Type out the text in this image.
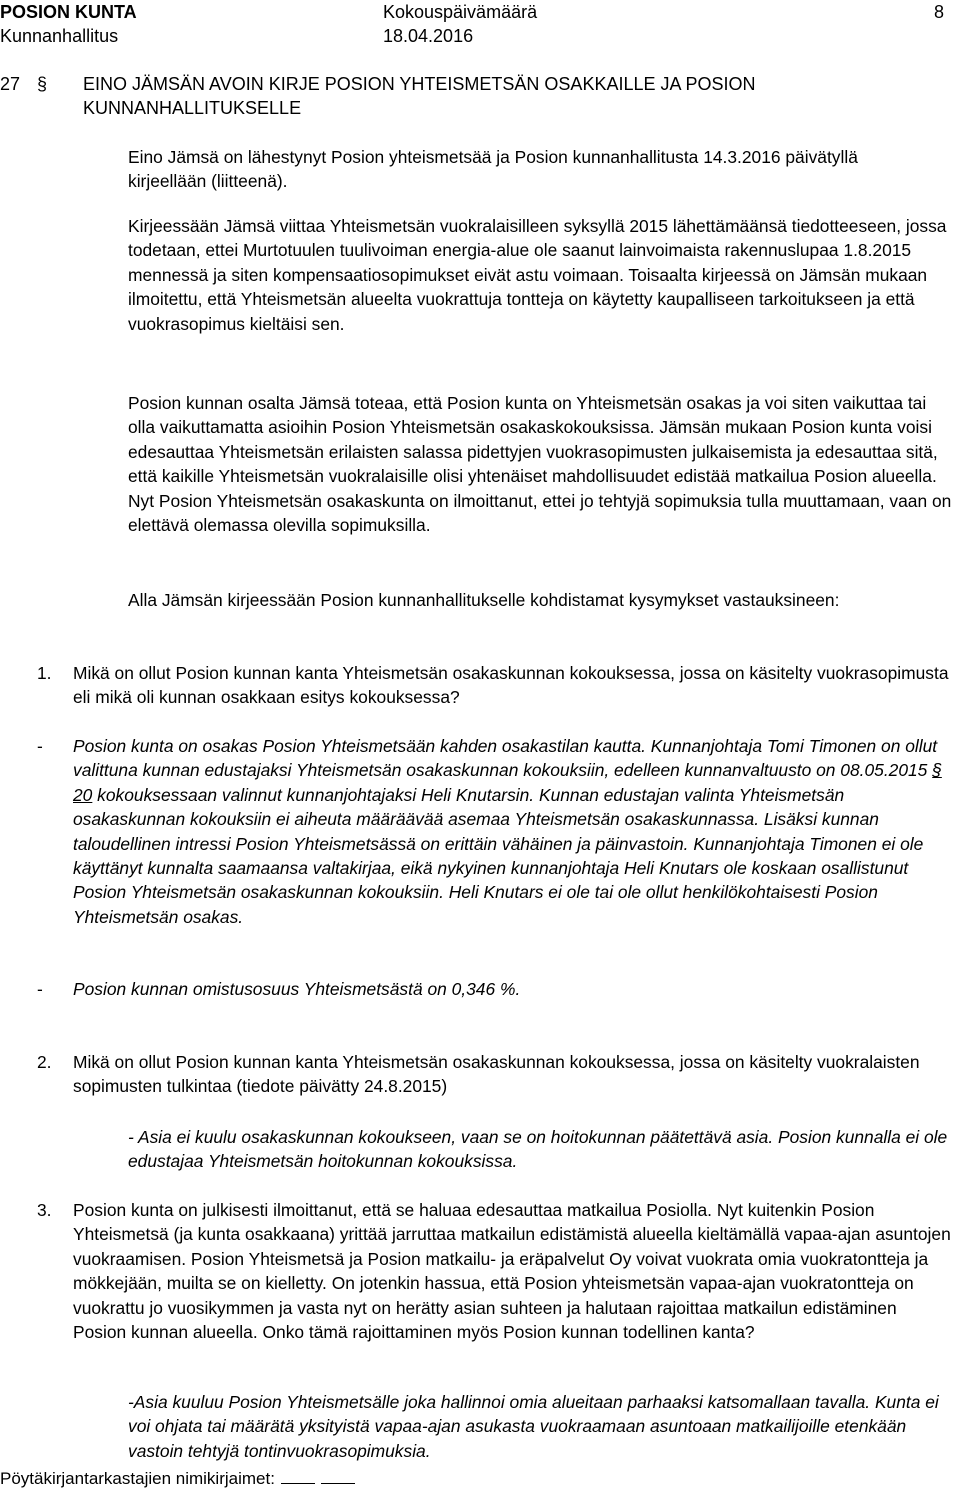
POSION KUNTA
Kunnanhallitus
Kokouspäivämäärä
18.04.2016
8
27 § EINO JÄMSÄN AVOIN KIRJE POSION YHTEISMETSÄN OSAKKAILLE JA POSION
KUNNANHALLITUKSELLE

Eino Jämsä on lähestynyt Posion yhteismetsää ja Posion kunnanhallitusta 14.3.2016 päivätyllä kirjeellään (liitteenä).

Kirjeessään Jämsä viittaa Yhteismetsän vuokralaisilleen syksyllä 2015 lähettämäänsä tiedotteeseen, jossa todetaan, ettei Murtotuulen tuulivoiman energia-alue ole saanut lainvoimaista rakennuslupaa 1.8.2015 mennessä ja siten kompensaatiosopimukset eivät astu voimaan. Toisaalta kirjeessä on Jämsän mukaan ilmoitettu, että Yhteismetsän alueelta vuokrattuja tontteja on käytetty kaupalliseen tarkoitukseen ja että vuokrasopimus kieltäisi sen.

Posion kunnan osalta Jämsä toteaa, että Posion kunta on Yhteismetsän osakas ja voi siten vaikuttaa tai olla vaikuttamatta asioihin Posion Yhteismetsän osakaskokouksissa. Jämsän mukaan Posion kunta voisi edesauttaa Yhteismetsän erilaisten salassa pidettyjen vuokrasopimusten julkaisemista ja edesauttaa sitä, että kaikille Yhteismetsän vuokralaisille olisi yhtenäiset mahdollisuudet edistää matkailua Posion alueella. Nyt Posion Yhteismetsän osakaskunta on ilmoittanut, ettei jo tehtyjä sopimuksia tulla muuttamaan, vaan on elettävä olemassa olevilla sopimuksilla.

Alla Jämsän kirjeessään Posion kunnanhallitukselle kohdistamat kysymykset vastauksineen:

1. Mikä on ollut Posion kunnan kanta Yhteismetsän osakaskunnan kokouksessa, jossa on käsitelty vuokrasopimusta eli mikä oli kunnan osakkaan esitys kokouksessa?

- Posion kunta on osakas Posion Yhteismetsään kahden osakastilan kautta. Kunnanjohtaja Tomi Timonen on ollut valittuna kunnan edustajaksi Yhteismetsän osakaskunnan kokouksiin, edelleen kunnanvaltuusto on 08.05.2015 § 20 kokouksessaan valinnut kunnanjohtajaksi Heli Knutarsin. Kunnan edustajan valinta Yhteismetsän osakaskunnan kokouksiin ei aiheuta määräävää asemaa Yhteismetsän osakaskunnassa. Lisäksi kunnan taloudellinen intressi Posion Yhteismetsässä on erittäin vähäinen ja päinvastoin. Kunnanjohtaja Timonen ei ole käyttänyt kunnalta saamaansa valtakirjaa, eikä nykyinen kunnanjohtaja Heli Knutars ole koskaan osallistunut Posion Yhteismetsän osakaskunnan kokouksiin. Heli Knutars ei ole tai ole ollut henkilökohtaisesti Posion Yhteismetsän osakas.

- Posion kunnan omistusosuus Yhteismetsästä on 0,346 %.

2. Mikä on ollut Posion kunnan kanta Yhteismetsän osakaskunnan kokouksessa, jossa on käsitelty vuokralaisten sopimusten tulkintaa (tiedote päivätty 24.8.2015)

- Asia ei kuulu osakaskunnan kokoukseen, vaan se on hoitokunnan päätettävä asia. Posion kunnalla ei ole edustajaa Yhteismetsän hoitokunnan kokouksissa.

3. Posion kunta on julkisesti ilmoittanut, että se haluaa edesauttaa matkailua Posiolla. Nyt kuitenkin Posion Yhteismetsä (ja kunta osakkaana) yrittää jarruttaa matkailun edistämistä alueella kieltämällä vapaa-ajan asuntojen vuokraamisen. Posion Yhteismetsä ja Posion matkailu- ja eräpalvelut Oy voivat vuokrata omia vuokratontteja ja mökkejään, muilta se on kielletty. On jotenkin hassua, että Posion yhteismetsän vapaa-ajan vuokratontteja on vuokrattu jo vuosikymmen ja vasta nyt on herätty asian suhteen ja halutaan rajoittaa matkailun edistäminen Posion kunnan alueella. Onko tämä rajoittaminen myös Posion kunnan todellinen kanta?

-Asia kuuluu Posion Yhteismetsälle joka hallinnoi omia alueitaan parhaaksi katsomallaan tavalla. Kunta ei voi ohjata tai määrätä yksityistä vapaa-ajan asukasta vuokraamaan asuntoaan matkailijoille etenkään vastoin tehtyjä tontinvuokrasopimuksia.

Pöytäkirjantarkastajien nimikirjaimet:
